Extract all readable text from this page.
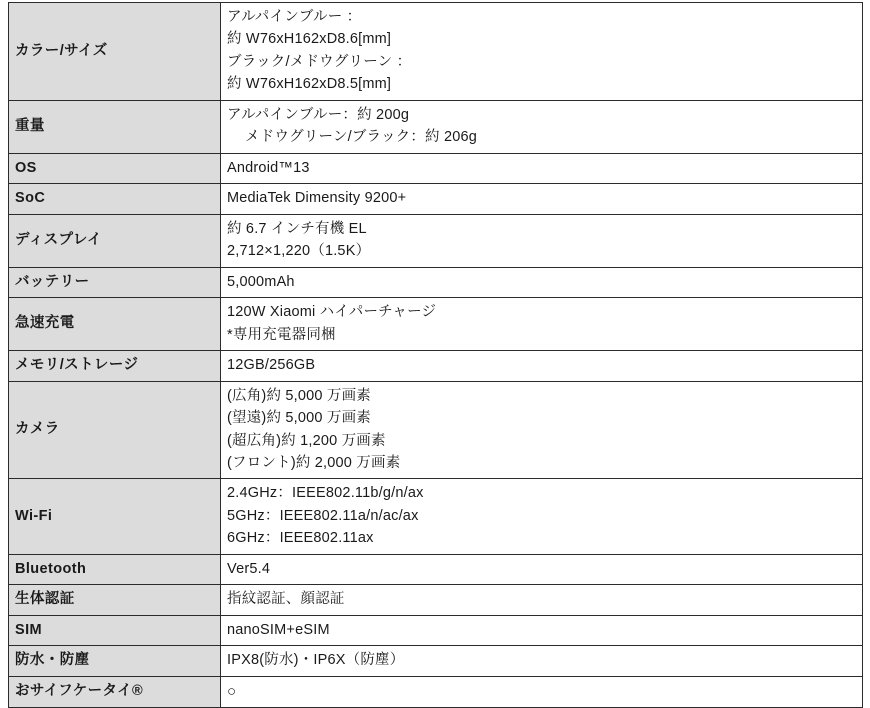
カラー/サイズ	アルパインブルー ：
約 W76xH162xD8.6[mm]
ブラック/メドウグリーン ：
約 W76xH162xD8.5[mm]

重量	アルパインブルー：約 200g
メドウグリーン/ブラック：約 206g

OS	Android™13

SoC	MediaTek Dimensity 9200+

ディスプレイ	約 6.7 インチ有機 EL
2,712×1,220（1.5K）

バッテリー	5,000mAh

急速充電	120W Xiaomi ハイパーチャージ
*専用充電器同梱

メモリ/ストレージ	12GB/256GB

カメラ	(広角)約 5,000 万画素
(望遠)約 5,000 万画素
(超広角)約 1,200 万画素
(フロント)約 2,000 万画素

Wi-Fi	2.4GHz：IEEE802.11b/g/n/ax
5GHz：IEEE802.11a/n/ac/ax
6GHz：IEEE802.11ax

Bluetooth	Ver5.4

生体認証	指紋認証、顔認証

SIM	nanoSIM+eSIM

防水・防塵	IPX8(防水)・IP6X（防塵）

おサイフケータイ®	○
